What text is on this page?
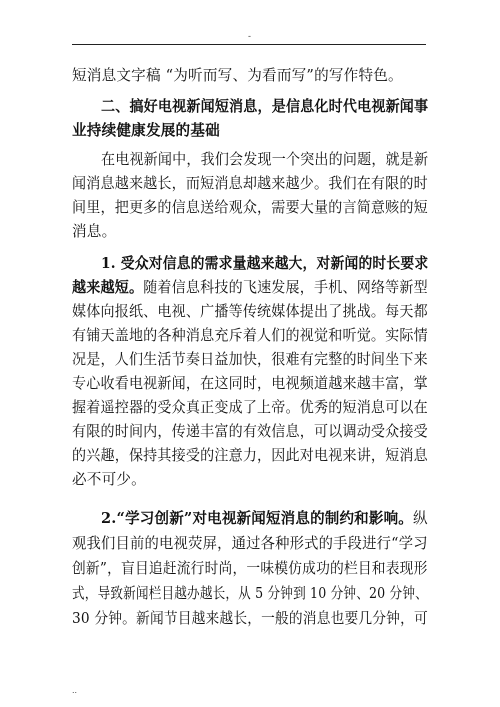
-
短消息文字稿 “为听而写、为看而写”的写作特色。
二、搞好电视新闻短消息，是信息化时代电视新闻事
业持续健康发展的基础
在电视新闻中，我们会发现一个突出的问题，就是新
闻消息越来越长，而短消息却越来越少。我们在有限的时
间里，把更多的信息送给观众，需要大量的言简意赅的短
消息。
1. 受众对信息的需求量越来越大，对新闻的时长要求
越来越短。随着信息科技的飞速发展，手机、网络等新型
媒体向报纸、电视、广播等传统媒体提出了挑战。每天都
有铺天盖地的各种消息充斥着人们的视觉和听觉。实际情
况是，人们生活节奏日益加快，很难有完整的时间坐下来
专心收看电视新闻，在这同时，电视频道越来越丰富，掌
握着遥控器的受众真正变成了上帝。优秀的短消息可以在
有限的时间内，传递丰富的有效信息，可以调动受众接受
的兴趣，保持其接受的注意力，因此对电视来讲，短消息
必不可少。
2.“学习创新”对电视新闻短消息的制约和影响。纵
观我们目前的电视荧屏，通过各种形式的手段进行“学习
创新”，盲目追赶流行时尚，一味模仿成功的栏目和表现形
式，导致新闻栏目越办越长，从 5 分钟到 10 分钟、20 分钟、
30 分钟。新闻节目越来越长，一般的消息也要几分钟，可
..
